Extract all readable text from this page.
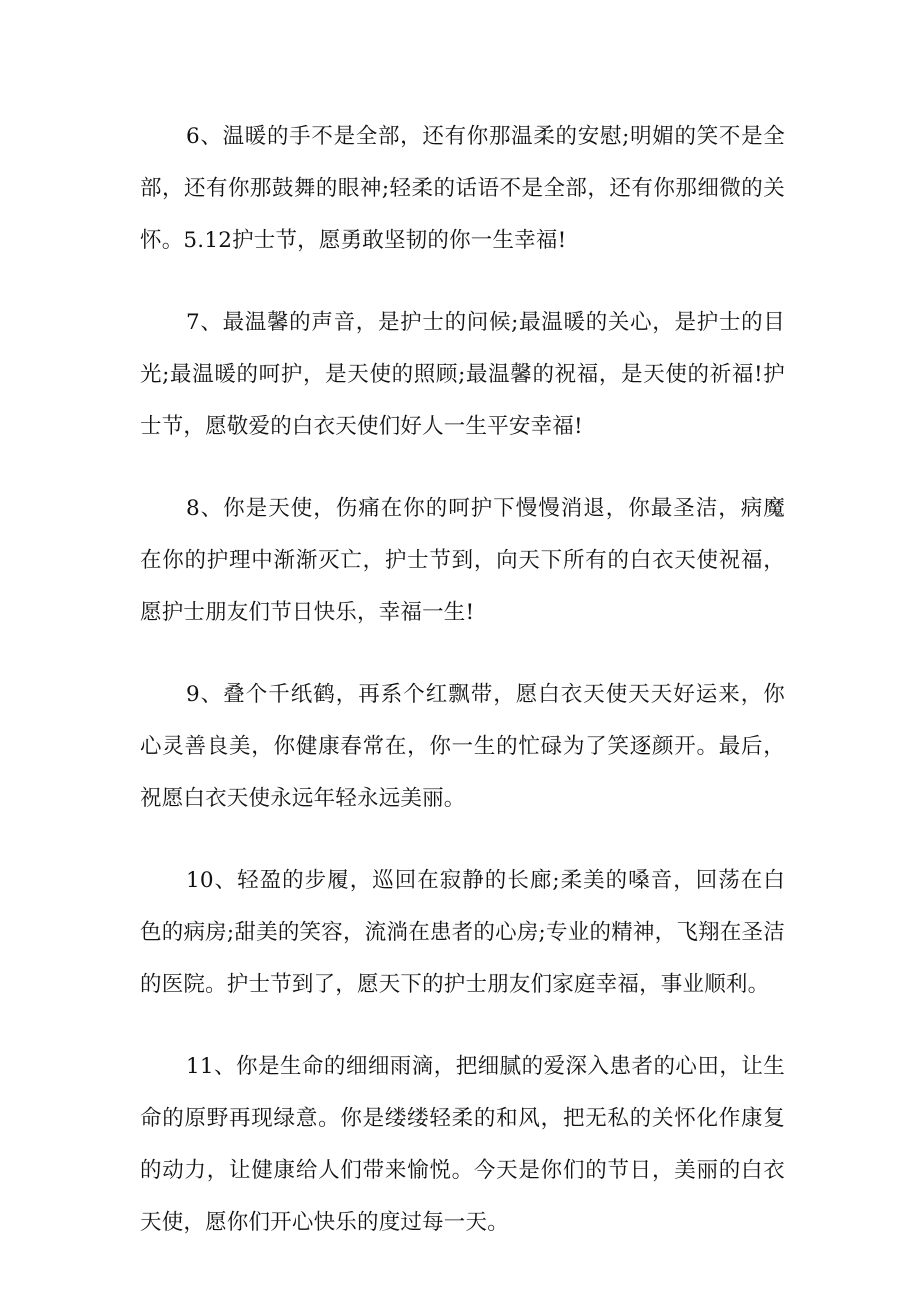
6、温暖的手不是全部，还有你那温柔的安慰;明媚的笑不是全部，还有你那鼓舞的眼神;轻柔的话语不是全部，还有你那细微的关怀。5.12护士节，愿勇敢坚韧的你一生幸福!

7、最温馨的声音，是护士的问候;最温暖的关心，是护士的目光;最温暖的呵护，是天使的照顾;最温馨的祝福，是天使的祈福!护士节，愿敬爱的白衣天使们好人一生平安幸福!

8、你是天使，伤痛在你的呵护下慢慢消退，你最圣洁，病魔在你的护理中渐渐灭亡，护士节到，向天下所有的白衣天使祝福，愿护士朋友们节日快乐，幸福一生!

9、叠个千纸鹤，再系个红飘带，愿白衣天使天天好运来，你心灵善良美，你健康春常在，你一生的忙碌为了笑逐颜开。最后，祝愿白衣天使永远年轻永远美丽。

10、轻盈的步履，巡回在寂静的长廊;柔美的嗓音，回荡在白色的病房;甜美的笑容，流淌在患者的心房;专业的精神，飞翔在圣洁的医院。护士节到了，愿天下的护士朋友们家庭幸福，事业顺利。

11、你是生命的细细雨滴，把细腻的爱深入患者的心田，让生命的原野再现绿意。你是缕缕轻柔的和风，把无私的关怀化作康复的动力，让健康给人们带来愉悦。今天是你们的节日，美丽的白衣天使，愿你们开心快乐的度过每一天。
